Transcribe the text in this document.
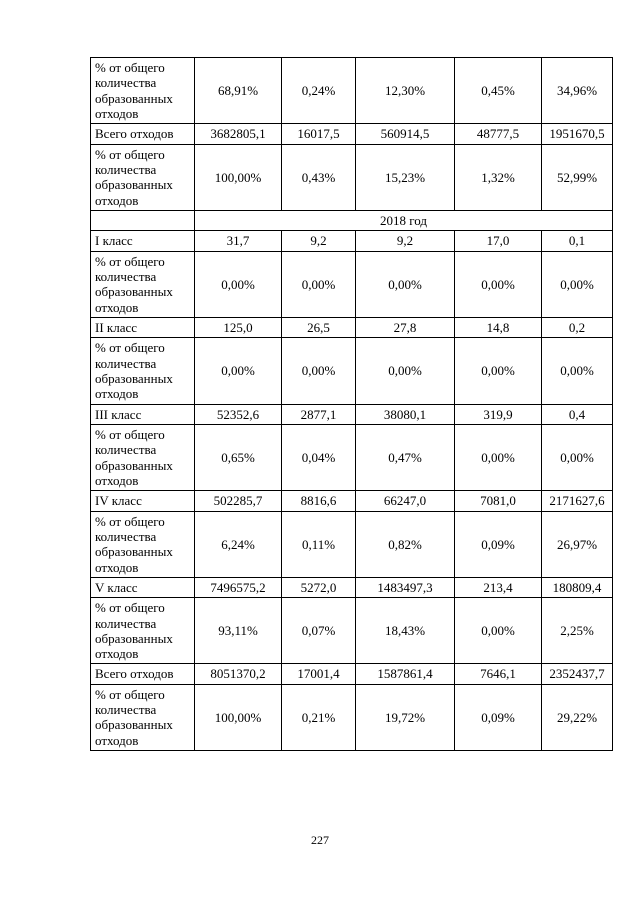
% от общего количества образованных отходов	68,91%	0,24%	12,30%	0,45%	34,96%
Всего отходов	3682805,1	16017,5	560914,5	48777,5	1951670,5
% от общего количества образованных отходов	100,00%	0,43%	15,23%	1,32%	52,99%
	2018 год				
I класс	31,7	9,2	9,2	17,0	0,1
% от общего количества образованных отходов	0,00%	0,00%	0,00%	0,00%	0,00%
II класс	125,0	26,5	27,8	14,8	0,2
% от общего количества образованных отходов	0,00%	0,00%	0,00%	0,00%	0,00%
III класс	52352,6	2877,1	38080,1	319,9	0,4
% от общего количества образованных отходов	0,65%	0,04%	0,47%	0,00%	0,00%
IV класс	502285,7	8816,6	66247,0	7081,0	2171627,6
% от общего количества образованных отходов	6,24%	0,11%	0,82%	0,09%	26,97%
V класс	7496575,2	5272,0	1483497,3	213,4	180809,4
% от общего количества образованных отходов	93,11%	0,07%	18,43%	0,00%	2,25%
Всего отходов	8051370,2	17001,4	1587861,4	7646,1	2352437,7
% от общего количества образованных отходов	100,00%	0,21%	19,72%	0,09%	29,22%
227
